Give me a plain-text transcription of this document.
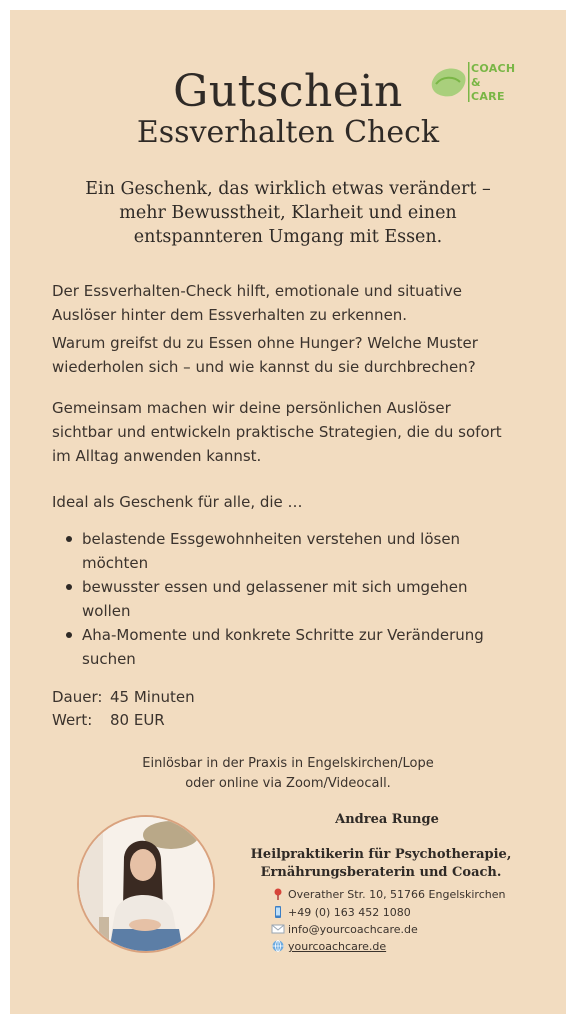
COACH
&
CARE
Gutschein
Essverhalten Check
Ein Geschenk, das wirklich etwas verändert –
mehr Bewusstheit, Klarheit und einen
entspannteren Umgang mit Essen.
Der Essverhalten-Check hilft, emotionale und situative
Auslöser hinter dem Essverhalten zu erkennen.
Warum greifst du zu Essen ohne Hunger? Welche Muster
wiederholen sich – und wie kannst du sie durchbrechen?
Gemeinsam machen wir deine persönlichen Auslöser
sichtbar und entwickeln praktische Strategien, die du sofort
im Alltag anwenden kannst.
Ideal als Geschenk für alle, die …
belastende Essgewohnheiten verstehen und lösen
möchten
bewusster essen und gelassener mit sich umgehen
wollen
Aha-Momente und konkrete Schritte zur Veränderung
suchen
Dauer: 45 Minuten
Wert: 80 EUR
Einlösbar in der Praxis in Engelskirchen/Lope
oder online via Zoom/Videocall.
Andrea Runge
Heilpraktikerin für Psychotherapie,
Ernährungsberaterin und Coach.
Overather Str. 10, 51766 Engelskirchen
+49 (0) 163 452 1080
info@yourcoachcare.de
yourcoachcare.de
